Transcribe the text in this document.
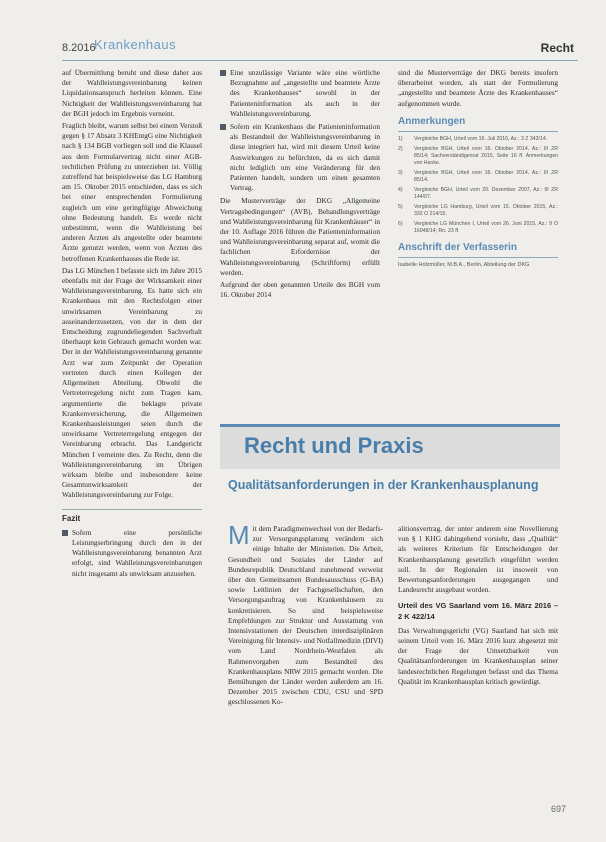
8.2016
Krankenhaus	Recht

auf Übermittlung beruht und diese daher aus der Wahlleistungsvereinbarung keinen Liquidationsanspruch herleiten können. Eine Nichtigkeit der Wahlleistungsvereinbarung hat der BGH jedoch im Ergebnis verneint.

Fraglich bleibt, warum selbst bei einem Verstoß gegen § 17 Absatz 3 KHEntgG eine Nichtigkeit nach § 134 BGB vorliegen soll und die Klausel aus dem Formularvertrag nicht einer AGB-rechtlichen Prüfung zu unterziehen ist. Völlig zutreffend hat beispielsweise das LG Hamburg am 15. Oktober 2015 entschieden, dass es sich bei einer entsprechenden Formulierung zugleich um eine geringfügige Abweichung ohne Bedeutung handelt. Es werde nicht unbestimmt, wenn die Wahlleistung bei anderen Ärzten als angestellte oder beamtete Ärzte genutzt werden, wenn von Ärzten des betroffenen Krankenhauses die Rede ist.

Das LG München I befasste sich im Jahre 2015 ebenfalls mit der Frage der Wirksamkeit einer Wahlleistungsvereinbarung. Es hatte sich ein Krankenhaus mit den Rechtsfolgen einer unwirksamen Vereinbarung zu auseinanderzusetzen, von der in dem der Entscheidung zugrundeliegenden Sachverhalt überhaupt kein Gebrauch gemacht worden war. Der in der Wahlleistungsvereinbarung genannte Arzt war zum Zeitpunkt der Operation vertreten durch einen Kollegen der Allgemeinen Abteilung. Obwohl die Vertreterregelung nicht zum Tragen kam, argumentierte die beklagte private Krankenversicherung, die Allgemeinen Krankenhausleistungen seien durch die unwirksame Vertreterregelung entgegen der Vereinbarung erbracht. Das Landgericht München I verneinte dies. Zu Recht, denn die Wahlleistungsvereinbarung im Übrigen wirksam bleibe und insbesondere keine Gesamtunwirksamkeit der Wahlleistungsvereinbarung zur Folge.

Fazit
Sofern eine persönliche Leistungserbringung durch den in der Wahlleistungsvereinbarung benannten Arzt erfolgt, sind Wahlleistungsvereinbarungen nicht insgesamt als unwirksam anzusehen.
Eine unzulässige Variante wäre eine wörtliche Bezugnahme auf „angestellte und beamtete Ärzte des Krankenhauses“ sowohl in der Patienteninformation als auch in der Wahlleistungsvereinbarung.
Sofern ein Krankenhaus die Patienteninformation als Bestandteil der Wahlleistungsvereinbarung in diese integriert hat, wird mit diesem Urteil keine Auswirkungen zu befürchten, da es sich damit nicht lediglich um eine Veränderung für den Patienten handelt, sondern um einen gesamten Vertrag.

Die Musterverträge der DKG „Allgemeine Vertragsbedingungen“ (AVB), Behandlungsverträge und Wahlleistungsvereinbarung für Krankenhäuser“ in der 10. Auflage 2016 führen die Patienteninformation und Wahlleistungsvereinbarung separat auf, womit die fachlichen Erfordernisse der Wahlleistungsvereinbarung (Schriftform) erfüllt werden.

Aufgrund der oben genannten Urteile des BGH vom 16. Oktober 2014

sind die Musterverträge der DKG bereits insofern überarbeitet worden, als statt der Formulierung „angestellte und beamtete Ärzte des Krankenhauses“ aufgenommen wurde.

Anmerkungen
1) Vergleiche BGH, Urteil vom 16. Juli 2016, Az.: 3 Z 343/14.
2) Vergleiche BGH, Urteil vom 16. Oktober 2014, Az.: III ZR 85/14; Sachverständigenrat 2015, Seite 16 ff. Anmerkungen von Hanke.
3) Vergleiche BGH, Urteil vom 16. Oktober 2014, Az.: III ZR 85/14.
4) Vergleiche BGH, Urteil vom 20. Dezember 2007, Az.: III ZR 144/07.
5) Vergleiche LG Hamburg, Urteil vom 15. Oktober 2015, Az.: 332 O 214/15.
6) Vergleiche LG München I, Urteil vom 26. Juni 2015, Az.: 9 O 16048/14; Rn. 23 ff.
Anschrift der Verfasserin
Isabelle Holzmüller, M.B.A., Berlin, Abteilung der DKG
Recht und Praxis
Qualitätsanforderungen in der Krankenhausplanung

Mit dem Paradigmenwechsel von der Bedarfs- zur Versorgungsplanung verändern sich einige Inhalte der Ministerien. Die Arbeit, Gesundheit und Soziales der Länder auf Bundesrepublik Deutschland zunehmend verweist über den Gemeinsamen Bundesausschuss (G-BA) sowie Leitlinien der Fachgesellschaften, den Versorgungsauftrag von Krankenhäusern zu konkretisieren. So sind beispielsweise Empfehlungen zur Struktur und Ausstattung von Intensivstationen der Deutschen interdisziplinären Vereinigung für Intensiv- und Notfallmedizin (DIVI) vom Land Nordrhein-Westfalen als Rahmenvorgaben zum Bestandteil des Krankenhausplans NRW 2015 gemacht worden. Die Bemühungen der Länder werden außerdem am 16. Dezember 2015 zwischen CDU, CSU und SPD geschlossenen Ko-

alitionsvertrag, der unter anderem eine Novellierung von § 1 KHG dahingehend vorsieht, dass „Qualität“ als weiteres Kriterium für Entscheidungen der Krankenhausplanung gesetzlich eingeführt werden soll. In der Regionalen ist insoweit von Bewertungsanforderungen ausgegangen und Landesrecht ausgebaut worden.

Urteil des VG Saarland vom 16. März 2016 – 2 K 422/14

Das Verwaltungsgericht (VG) Saarland hat sich mit seinem Urteil vom 16. März 2016 kurz abgesetzt mit der Frage der Umsetzbarkeit von Qualitätsanforderungen im Krankenhausplan seiner landesrechtlichen Regelungen befasst und das Thema Qualität im Krankenhausplan kritisch gewürdigt.

697
